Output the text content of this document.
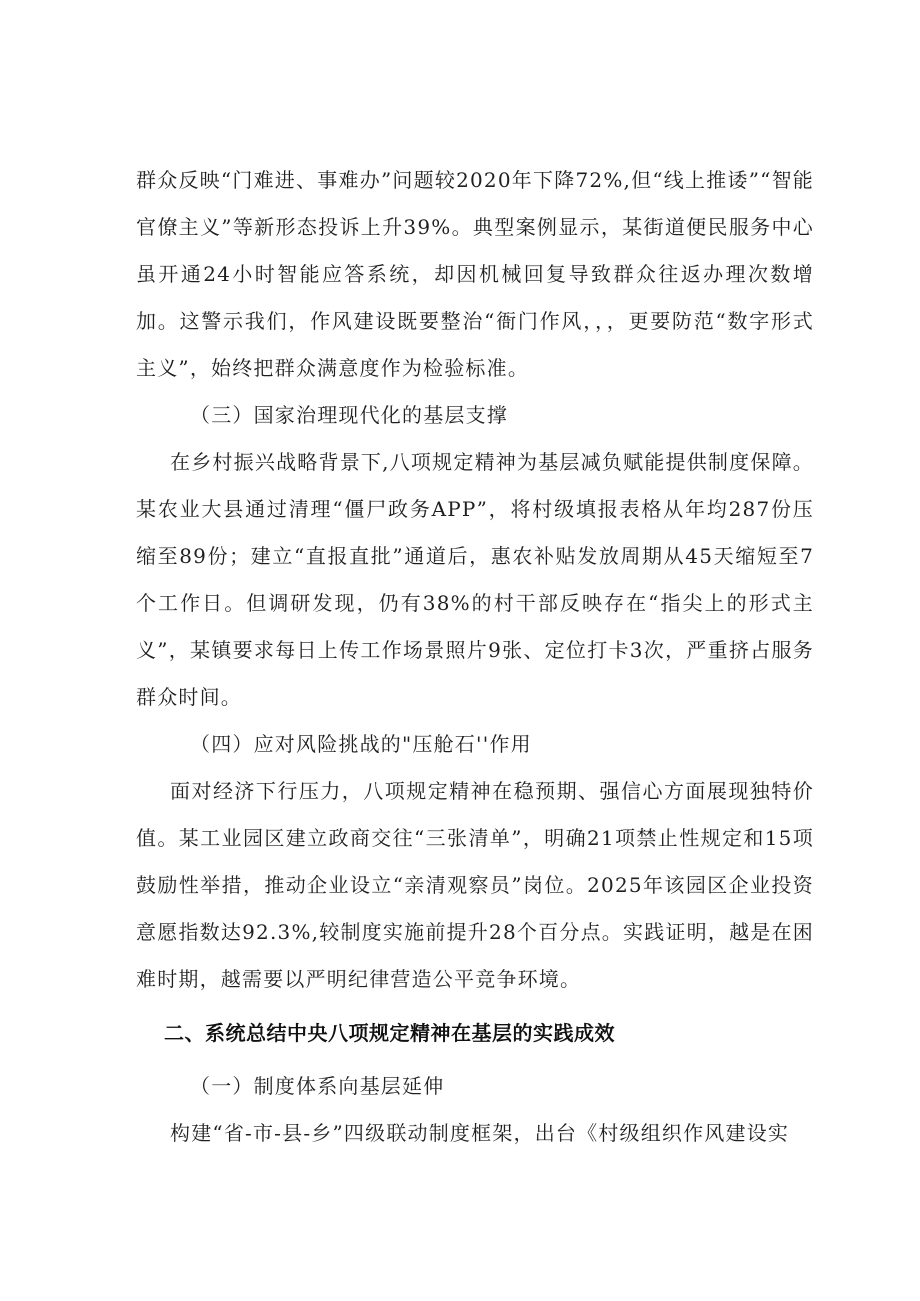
群众反映“门难进、事难办”问题较2020年下降72%,但“线上推诿”“智能官僚主义”等新形态投诉上升39%。典型案例显示，某街道便民服务中心虽开通24小时智能应答系统，却因机械回复导致群众往返办理次数增加。这警示我们，作风建设既要整治“衙门作风，，，更要防范“数字形式主义”，始终把群众满意度作为检验标准。

（三）国家治理现代化的基层支撑

在乡村振兴战略背景下,八项规定精神为基层减负赋能提供制度保障。某农业大县通过清理“僵尸政务APP”，将村级填报表格从年均287份压缩至89份；建立“直报直批”通道后，惠农补贴发放周期从45天缩短至7个工作日。但调研发现，仍有38%的村干部反映存在“指尖上的形式主义”，某镇要求每日上传工作场景照片9张、定位打卡3次，严重挤占服务群众时间。

（四）应对风险挑战的"压舱石''作用

面对经济下行压力，八项规定精神在稳预期、强信心方面展现独特价值。某工业园区建立政商交往“三张清单”，明确21项禁止性规定和15项鼓励性举措，推动企业设立“亲清观察员”岗位。2025年该园区企业投资意愿指数达92.3%,较制度实施前提升28个百分点。实践证明，越是在困难时期，越需要以严明纪律营造公平竞争环境。

二、系统总结中央八项规定精神在基层的实践成效

（一）制度体系向基层延伸

构建“省-市-县-乡”四级联动制度框架，出台《村级组织作风建设实
